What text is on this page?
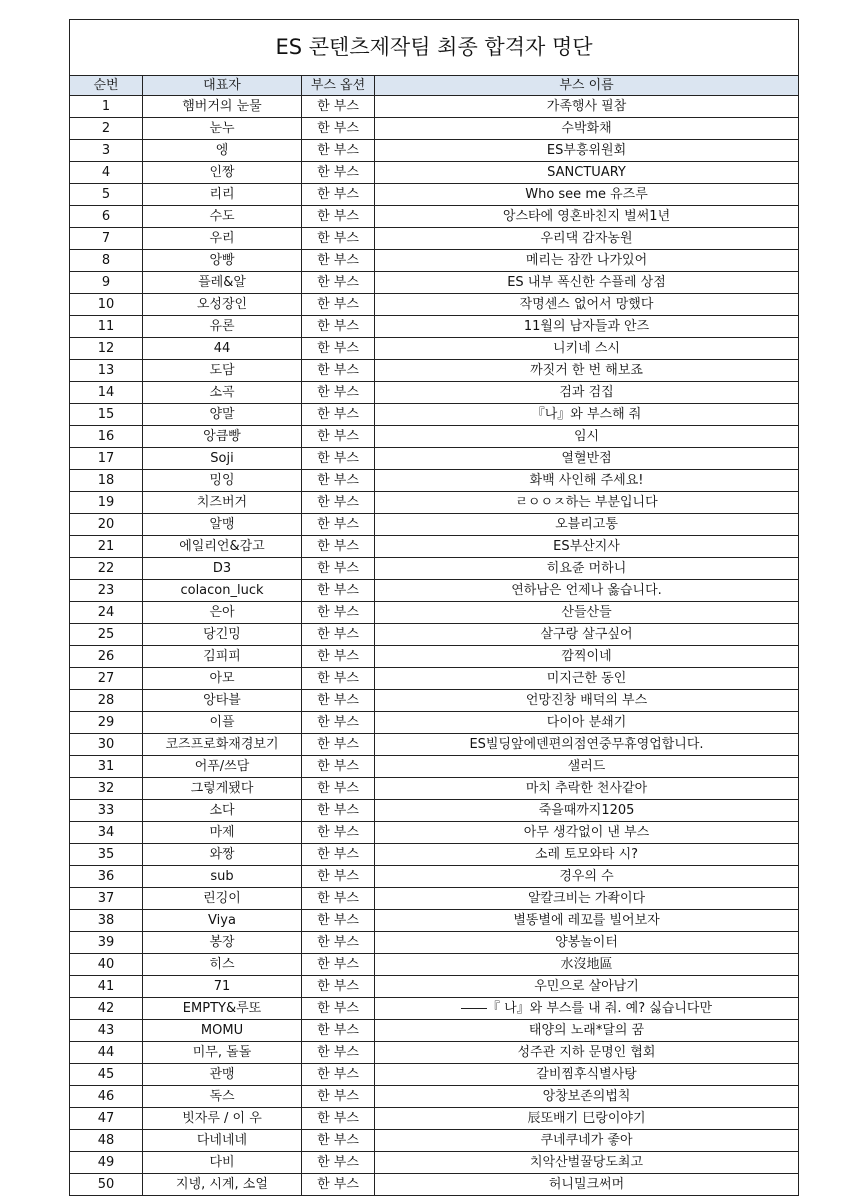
ES 콘텐츠제작팀 최종 합격자 명단			
순번	대표자	부스 옵션	부스 이름
1	햄버거의 눈물	한 부스	가족행사 필참
2	눈누	한 부스	수박화채
3	엥	한 부스	ES부흥위원회
4	인짱	한 부스	SANCTUARY
5	리리	한 부스	Who see me 유즈루
6	수도	한 부스	앙스타에 영혼바친지 벌써1년
7	우리	한 부스	우리댁 감자농원
8	앙빵	한 부스	메리는 잠깐 나가있어
9	플레&알	한 부스	ES 내부 폭신한 수플레 상점
10	오성장인	한 부스	작명센스 없어서 망했다
11	유론	한 부스	11월의 남자들과 안즈
12	44	한 부스	니키네 스시
13	도담	한 부스	까짓거 한 번 해보죠
14	소곡	한 부스	검과 검집
15	양말	한 부스	『나』와 부스해 줘
16	앙큼빵	한 부스	임시
17	Soji	한 부스	열혈반점
18	밍잉	한 부스	화백 사인해 주세요!
19	치즈버거	한 부스	ㄹㅇㅇㅈ하는 부분입니다
20	알맹	한 부스	오블리고통
21	에일리언&감고	한 부스	ES부산지사
22	D3	한 부스	히요쥰 머하니
23	colacon_luck	한 부스	연하남은 언제나 옳습니다.
24	은아	한 부스	산들산들
25	당긴밍	한 부스	살구랑 살구싶어
26	김피피	한 부스	깜찍이네
27	아모	한 부스	미지근한 동인
28	앙타블	한 부스	언망진창 배덕의 부스
29	이플	한 부스	다이아 분쇄기
30	코즈프로화재경보기	한 부스	ES빌딩앞에덴편의점연중무휴영업합니다.
31	어푸/쓰담	한 부스	샐러드
32	그렇게됐다	한 부스	마치 추락한 천사같아
33	소다	한 부스	죽을때까지1205
34	마제	한 부스	아무 생각없이 낸 부스
35	와짱	한 부스	소레 토모와타 시?
36	sub	한 부스	경우의 수
37	린깅이	한 부스	알칼크비는 가좍이다
38	Viya	한 부스	별똥별에 레꼬를 빌어보자
39	봉장	한 부스	양봉놀이터
40	히스	한 부스	水沒地區
41	71	한 부스	우민으로 살아남기
42	EMPTY&루또	한 부스	――『 나』와 부스를 내 줘. 예? 싫습니다만
43	MOMU	한 부스	태양의 노래*달의 꿈
44	미무, 돌돌	한 부스	성주관 지하 문명인 협회
45	관맹	한 부스	갈비찜후식별사탕
46	독스	한 부스	앙창보존의법칙
47	빗자루 / 이 우	한 부스	辰또배기 巳랑이야기
48	다네네네	한 부스	쿠네쿠네가 좋아
49	다비	한 부스	치악산벌꿀당도최고
50	지넹, 시계, 소얼	한 부스	허니밀크써머
